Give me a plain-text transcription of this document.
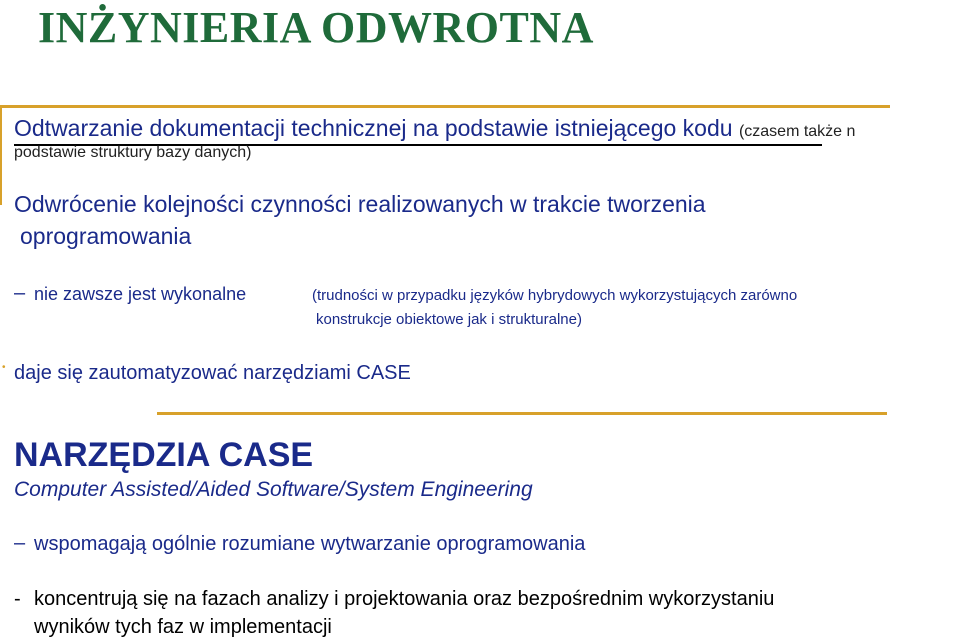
INŻYNIERIA ODWROTNA
Odtwarzanie dokumentacji technicznej na podstawie istniejącego kodu (czasem także n
podstawie struktury bazy danych)
Odwrócenie kolejności czynności realizowanych w trakcie tworzenia
oprogramowania
– nie zawsze jest wykonalne	(trudności w przypadku języków hybrydowych wykorzystujących zarówno
konstrukcje obiektowe jak i strukturalne)
• daje się zautomatyzować narzędziami CASE
NARZĘDZIA CASE
Computer Assisted/Aided Software/System Engineering
– wspomagają ogólnie rozumiane wytwarzanie oprogramowania
- koncentrują się na fazach analizy i projektowania oraz bezpośrednim wykorzystaniu
wyników tych faz w implementacji
